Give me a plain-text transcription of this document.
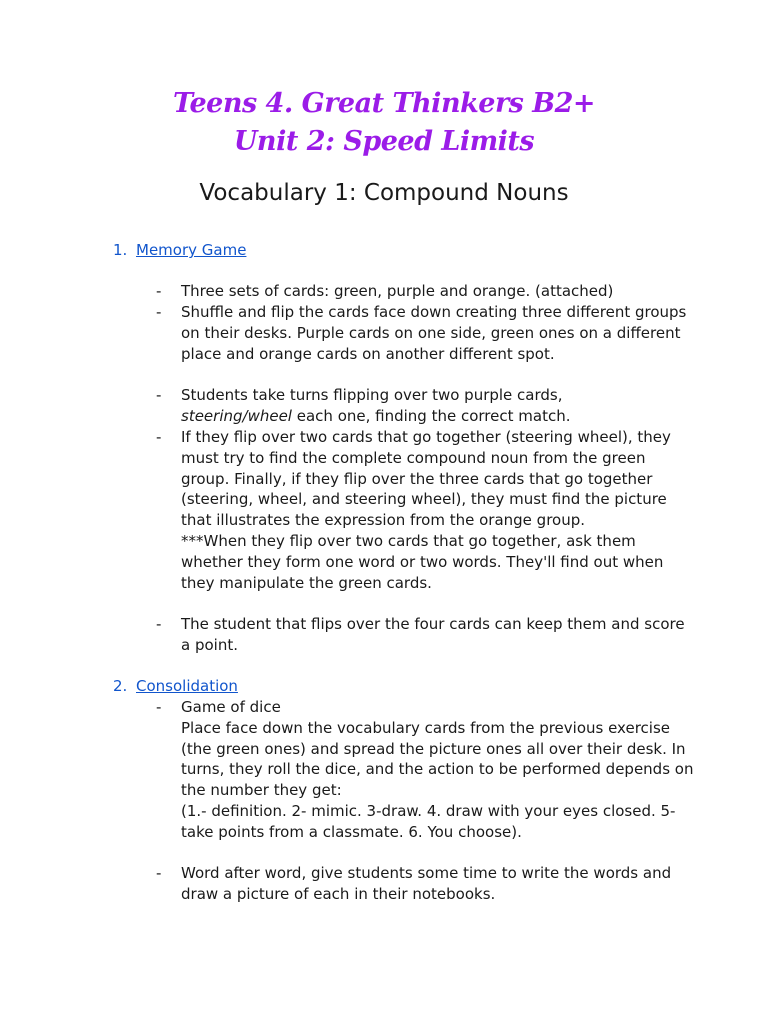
Teens 4. Great Thinkers B2+
Unit 2: Speed Limits
Vocabulary 1: Compound Nouns
1. Memory Game
- Three sets of cards: green, purple and orange. (attached)
- Shuffle and flip the cards face down creating three different groups on their desks. Purple cards on one side, green ones on a different place and orange cards on another different spot.
- Students take turns flipping over two purple cards,
steering/wheel each one, finding the correct match.
- If they flip over two cards that go together (steering wheel), they must try to find the complete compound noun from the green group. Finally, if they flip over the three cards that go together (steering, wheel, and steering wheel), they must find the picture that illustrates the expression from the orange group.
***When they flip over two cards that go together, ask them whether they form one word or two words. They'll find out when they manipulate the green cards.
- The student that flips over the four cards can keep them and score a point.
2. Consolidation
- Game of dice
Place face down the vocabulary cards from the previous exercise (the green ones) and spread the picture ones all over their desk. In turns, they roll the dice, and the action to be performed depends on the number they get:
(1.- definition. 2- mimic. 3-draw. 4. draw with your eyes closed. 5- take points from a classmate. 6. You choose).
- Word after word, give students some time to write the words and draw a picture of each in their notebooks.
